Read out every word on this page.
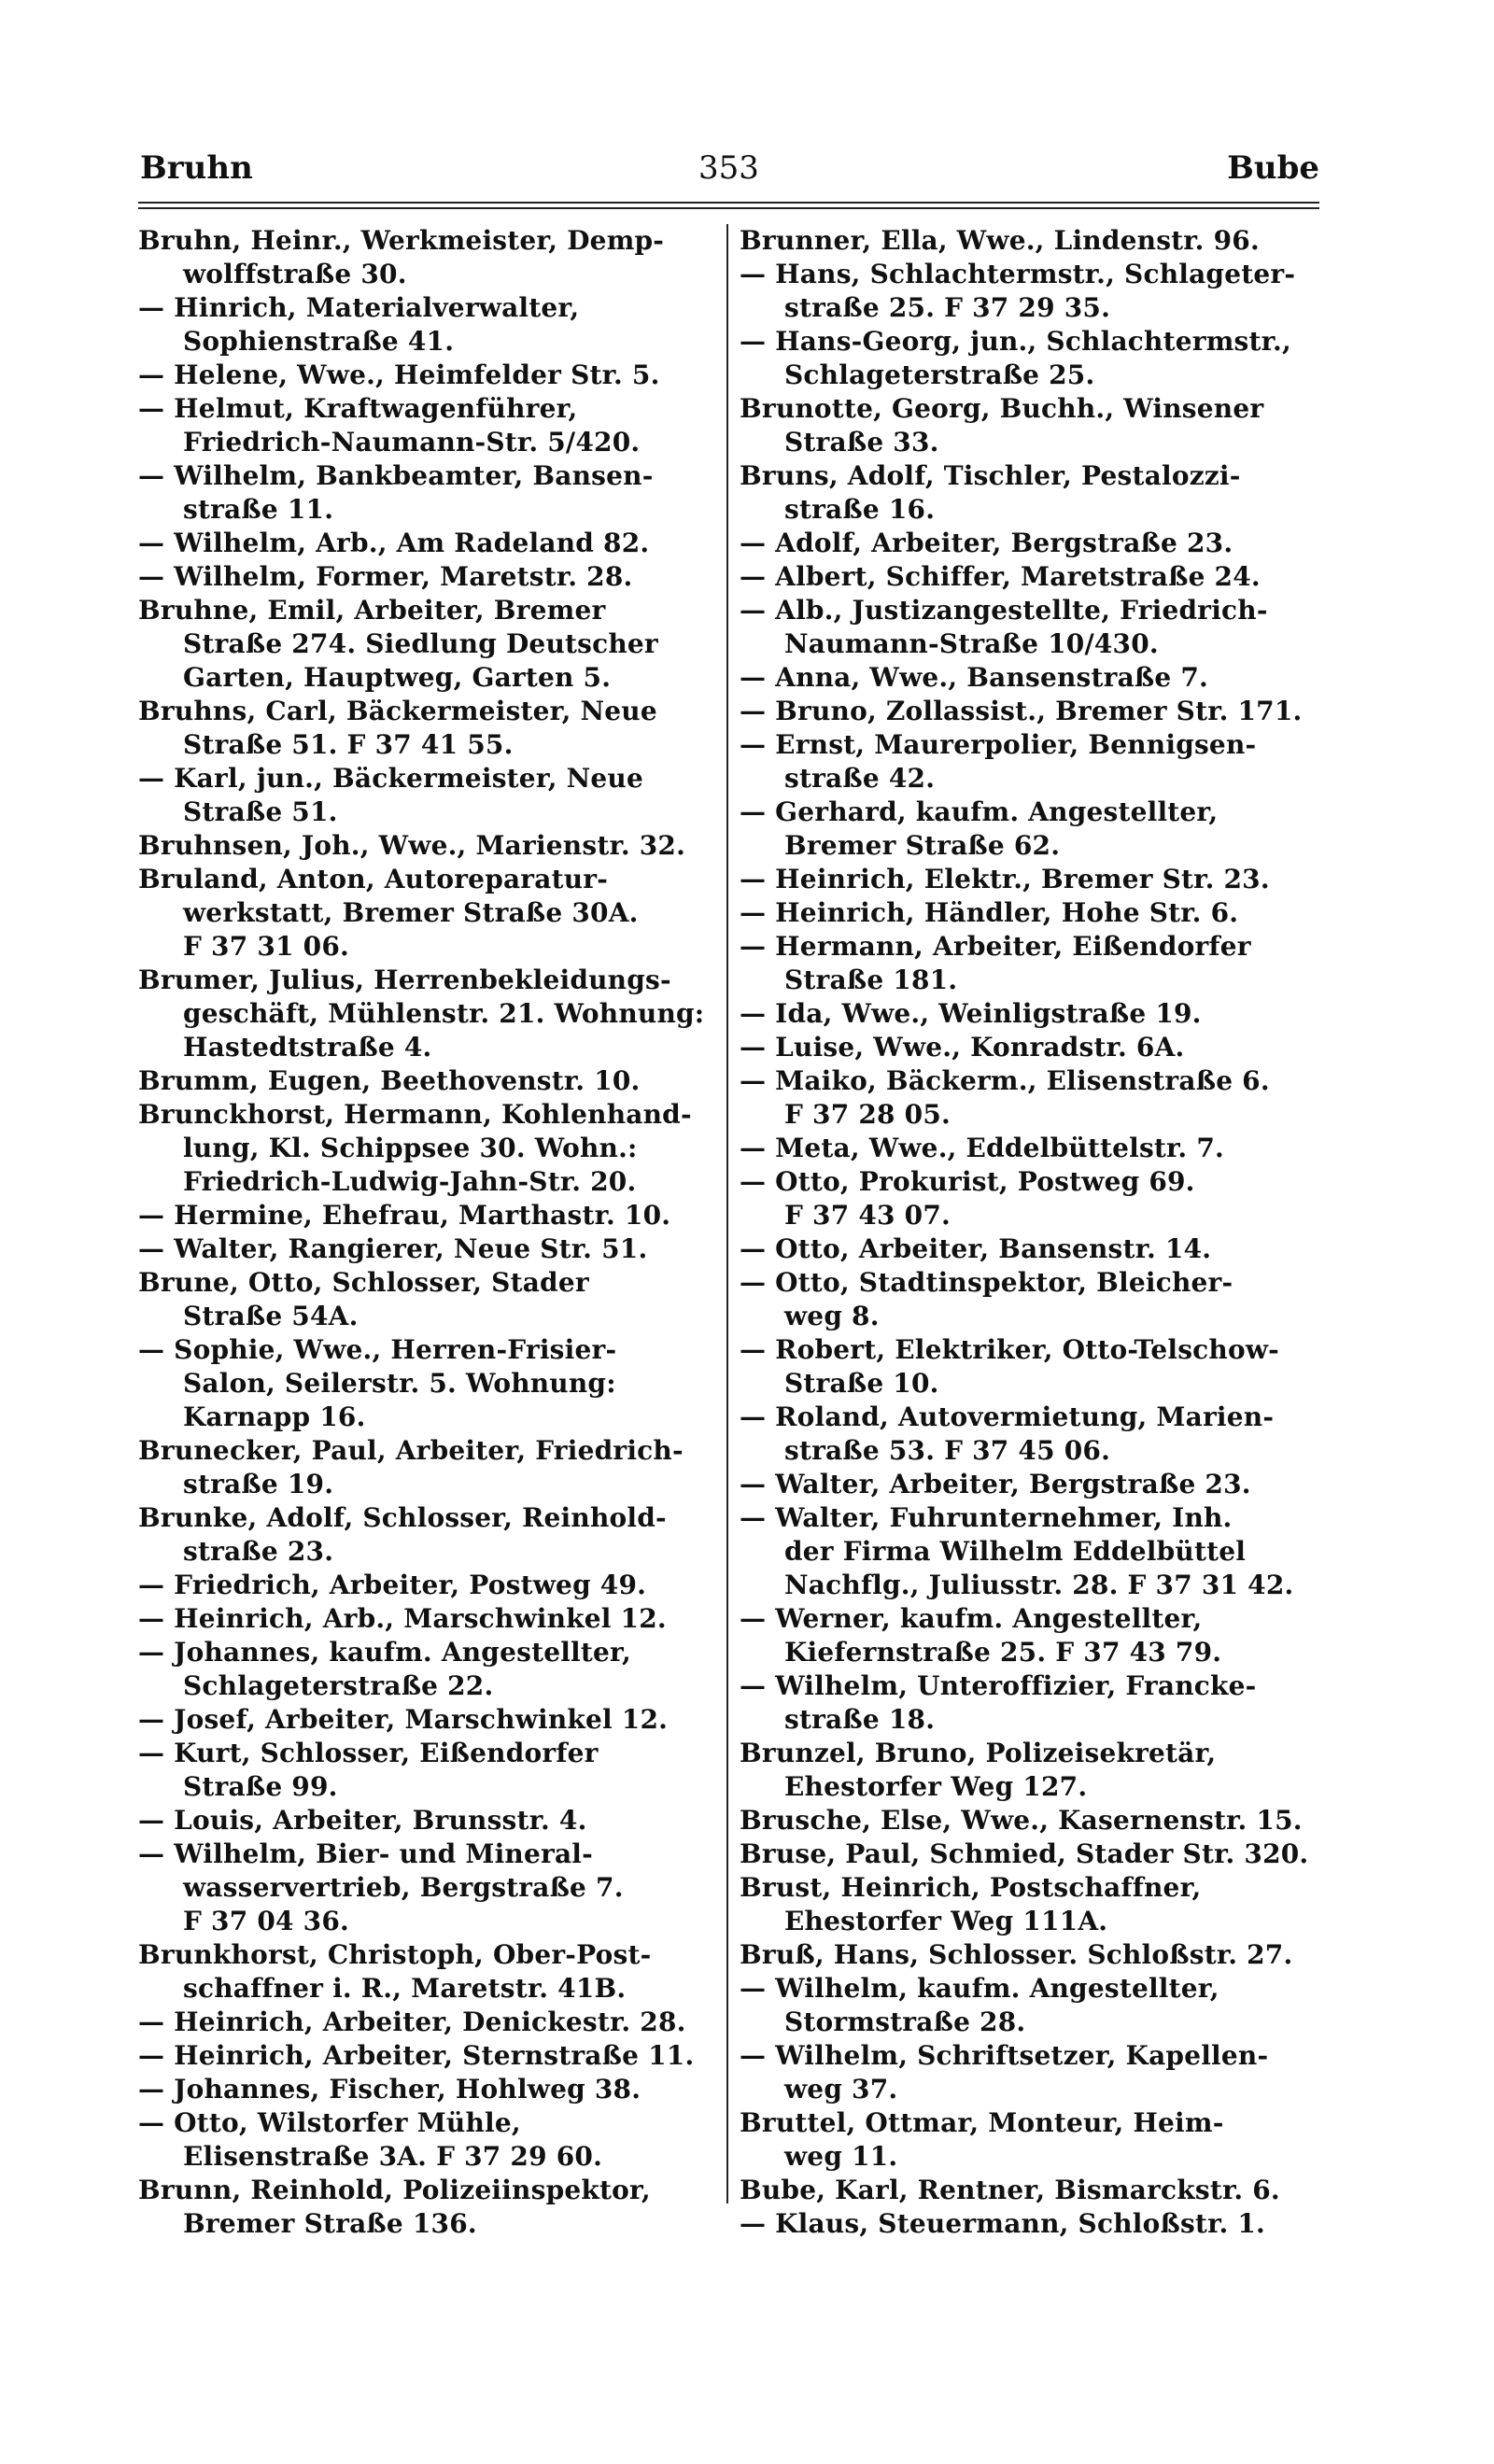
Bruhn	353	Bube
Bruhn, Heinr., Werkmeister, Demp-
wolffstraße 30.
— Hinrich, Materialverwalter,
Sophienstraße 41.
— Helene, Wwe., Heimfelder Str. 5.
— Helmut, Kraftwagenführer,
Friedrich-Naumann-Str. 5/420.
— Wilhelm, Bankbeamter, Bansen-
straße 11.
— Wilhelm, Arb., Am Radeland 82.
— Wilhelm, Former, Maretstr. 28.
Bruhne, Emil, Arbeiter, Bremer
Straße 274. Siedlung Deutscher
Garten, Hauptweg, Garten 5.
Bruhns, Carl, Bäckermeister, Neue
Straße 51. F 37 41 55.
— Karl, jun., Bäckermeister, Neue
Straße 51.
Bruhnsen, Joh., Wwe., Marienstr. 32.
Bruland, Anton, Autoreparatur-
werkstatt, Bremer Straße 30A.
F 37 31 06.
Brumer, Julius, Herrenbekleidungs-
geschäft, Mühlenstr. 21. Wohnung:
Hastedtstraße 4.
Brumm, Eugen, Beethovenstr. 10.
Brunckhorst, Hermann, Kohlenhand-
lung, Kl. Schippsee 30. Wohn.:
Friedrich-Ludwig-Jahn-Str. 20.
— Hermine, Ehefrau, Marthastr. 10.
— Walter, Rangierer, Neue Str. 51.
Brune, Otto, Schlosser, Stader
Straße 54A.
— Sophie, Wwe., Herren-Frisier-
Salon, Seilerstr. 5. Wohnung:
Karnapp 16.
Brunecker, Paul, Arbeiter, Friedrich-
straße 19.
Brunke, Adolf, Schlosser, Reinhold-
straße 23.
— Friedrich, Arbeiter, Postweg 49.
— Heinrich, Arb., Marschwinkel 12.
— Johannes, kaufm. Angestellter,
Schlageterstraße 22.
— Josef, Arbeiter, Marschwinkel 12.
— Kurt, Schlosser, Eißendorfer
Straße 99.
— Louis, Arbeiter, Brunsstr. 4.
— Wilhelm, Bier- und Mineral-
wasservertrieb, Bergstraße 7.
F 37 04 36.
Brunkhorst, Christoph, Ober-Post-
schaffner i. R., Maretstr. 41B.
— Heinrich, Arbeiter, Denickestr. 28.
— Heinrich, Arbeiter, Sternstraße 11.
— Johannes, Fischer, Hohlweg 38.
— Otto, Wilstorfer Mühle,
Elisenstraße 3A. F 37 29 60.
Brunn, Reinhold, Polizeiinspektor,
Bremer Straße 136.
Brunner, Ella, Wwe., Lindenstr. 96.
— Hans, Schlachtermstr., Schlageter-
straße 25. F 37 29 35.
— Hans-Georg, jun., Schlachtermstr.,
Schlageterstraße 25.
Brunotte, Georg, Buchh., Winsener
Straße 33.
Bruns, Adolf, Tischler, Pestalozzi-
straße 16.
— Adolf, Arbeiter, Bergstraße 23.
— Albert, Schiffer, Maretstraße 24.
— Alb., Justizangestellte, Friedrich-
Naumann-Straße 10/430.
— Anna, Wwe., Bansenstraße 7.
— Bruno, Zollassist., Bremer Str. 171.
— Ernst, Maurerpolier, Bennigsen-
straße 42.
— Gerhard, kaufm. Angestellter,
Bremer Straße 62.
— Heinrich, Elektr., Bremer Str. 23.
— Heinrich, Händler, Hohe Str. 6.
— Hermann, Arbeiter, Eißendorfer
Straße 181.
— Ida, Wwe., Weinligstraße 19.
— Luise, Wwe., Konradstr. 6A.
— Maiko, Bäckerm., Elisenstraße 6.
F 37 28 05.
— Meta, Wwe., Eddelbüttelstr. 7.
— Otto, Prokurist, Postweg 69.
F 37 43 07.
— Otto, Arbeiter, Bansenstr. 14.
— Otto, Stadtinspektor, Bleicher-
weg 8.
— Robert, Elektriker, Otto-Telschow-
Straße 10.
— Roland, Autovermietung, Marien-
straße 53. F 37 45 06.
— Walter, Arbeiter, Bergstraße 23.
— Walter, Fuhrunternehmer, Inh.
der Firma Wilhelm Eddelbüttel
Nachflg., Juliusstr. 28. F 37 31 42.
— Werner, kaufm. Angestellter,
Kiefernstraße 25. F 37 43 79.
— Wilhelm, Unteroffizier, Francke-
straße 18.
Brunzel, Bruno, Polizeisekretär,
Ehestorfer Weg 127.
Brusche, Else, Wwe., Kasernenstr. 15.
Bruse, Paul, Schmied, Stader Str. 320.
Brust, Heinrich, Postschaffner,
Ehestorfer Weg 111A.
Bruß, Hans, Schlosser. Schloßstr. 27.
— Wilhelm, kaufm. Angestellter,
Stormstraße 28.
— Wilhelm, Schriftsetzer, Kapellen-
weg 37.
Bruttel, Ottmar, Monteur, Heim-
weg 11.
Bube, Karl, Rentner, Bismarckstr. 6.
— Klaus, Steuermann, Schloßstr. 1.
